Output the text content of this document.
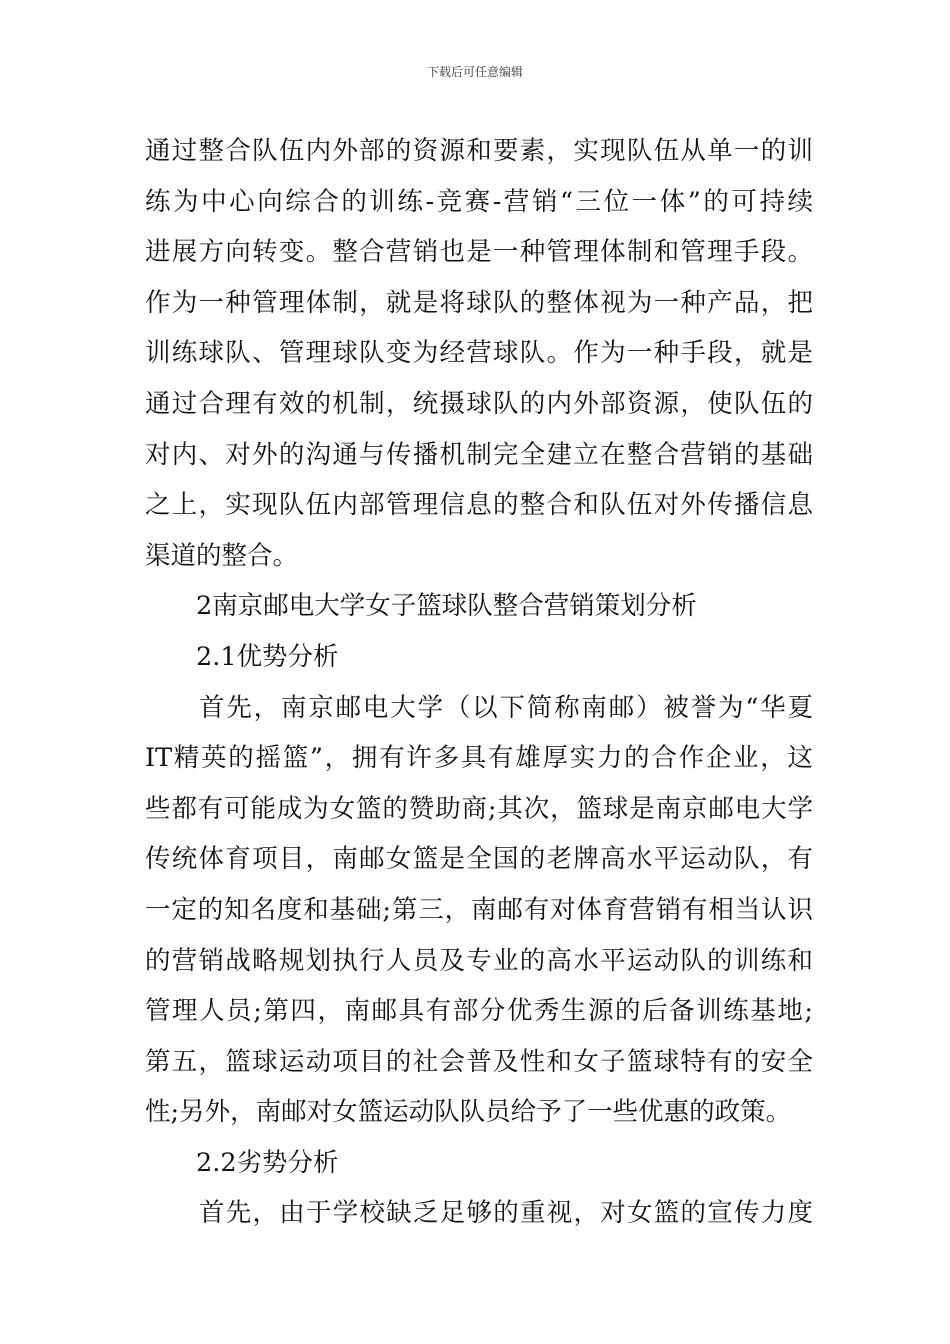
下载后可任意编辑
通过整合队伍内外部的资源和要素，实现队伍从单一的训
练为中心向综合的训练-竞赛-营销“三位一体”的可持续
进展方向转变。整合营销也是一种管理体制和管理手段。
作为一种管理体制，就是将球队的整体视为一种产品，把
训练球队、管理球队变为经营球队。作为一种手段，就是
通过合理有效的机制，统摄球队的内外部资源，使队伍的
对内、对外的沟通与传播机制完全建立在整合营销的基础
之上，实现队伍内部管理信息的整合和队伍对外传播信息
渠道的整合。
2南京邮电大学女子篮球队整合营销策划分析
2.1优势分析
首先，南京邮电大学（以下简称南邮）被誉为“华夏
IT精英的摇篮”，拥有许多具有雄厚实力的合作企业，这
些都有可能成为女篮的赞助商;其次，篮球是南京邮电大学
传统体育项目，南邮女篮是全国的老牌高水平运动队，有
一定的知名度和基础;第三，南邮有对体育营销有相当认识
的营销战略规划执行人员及专业的高水平运动队的训练和
管理人员;第四，南邮具有部分优秀生源的后备训练基地;
第五，篮球运动项目的社会普及性和女子篮球特有的安全
性;另外，南邮对女篮运动队队员给予了一些优惠的政策。
2.2劣势分析
首先，由于学校缺乏足够的重视，对女篮的宣传力度
